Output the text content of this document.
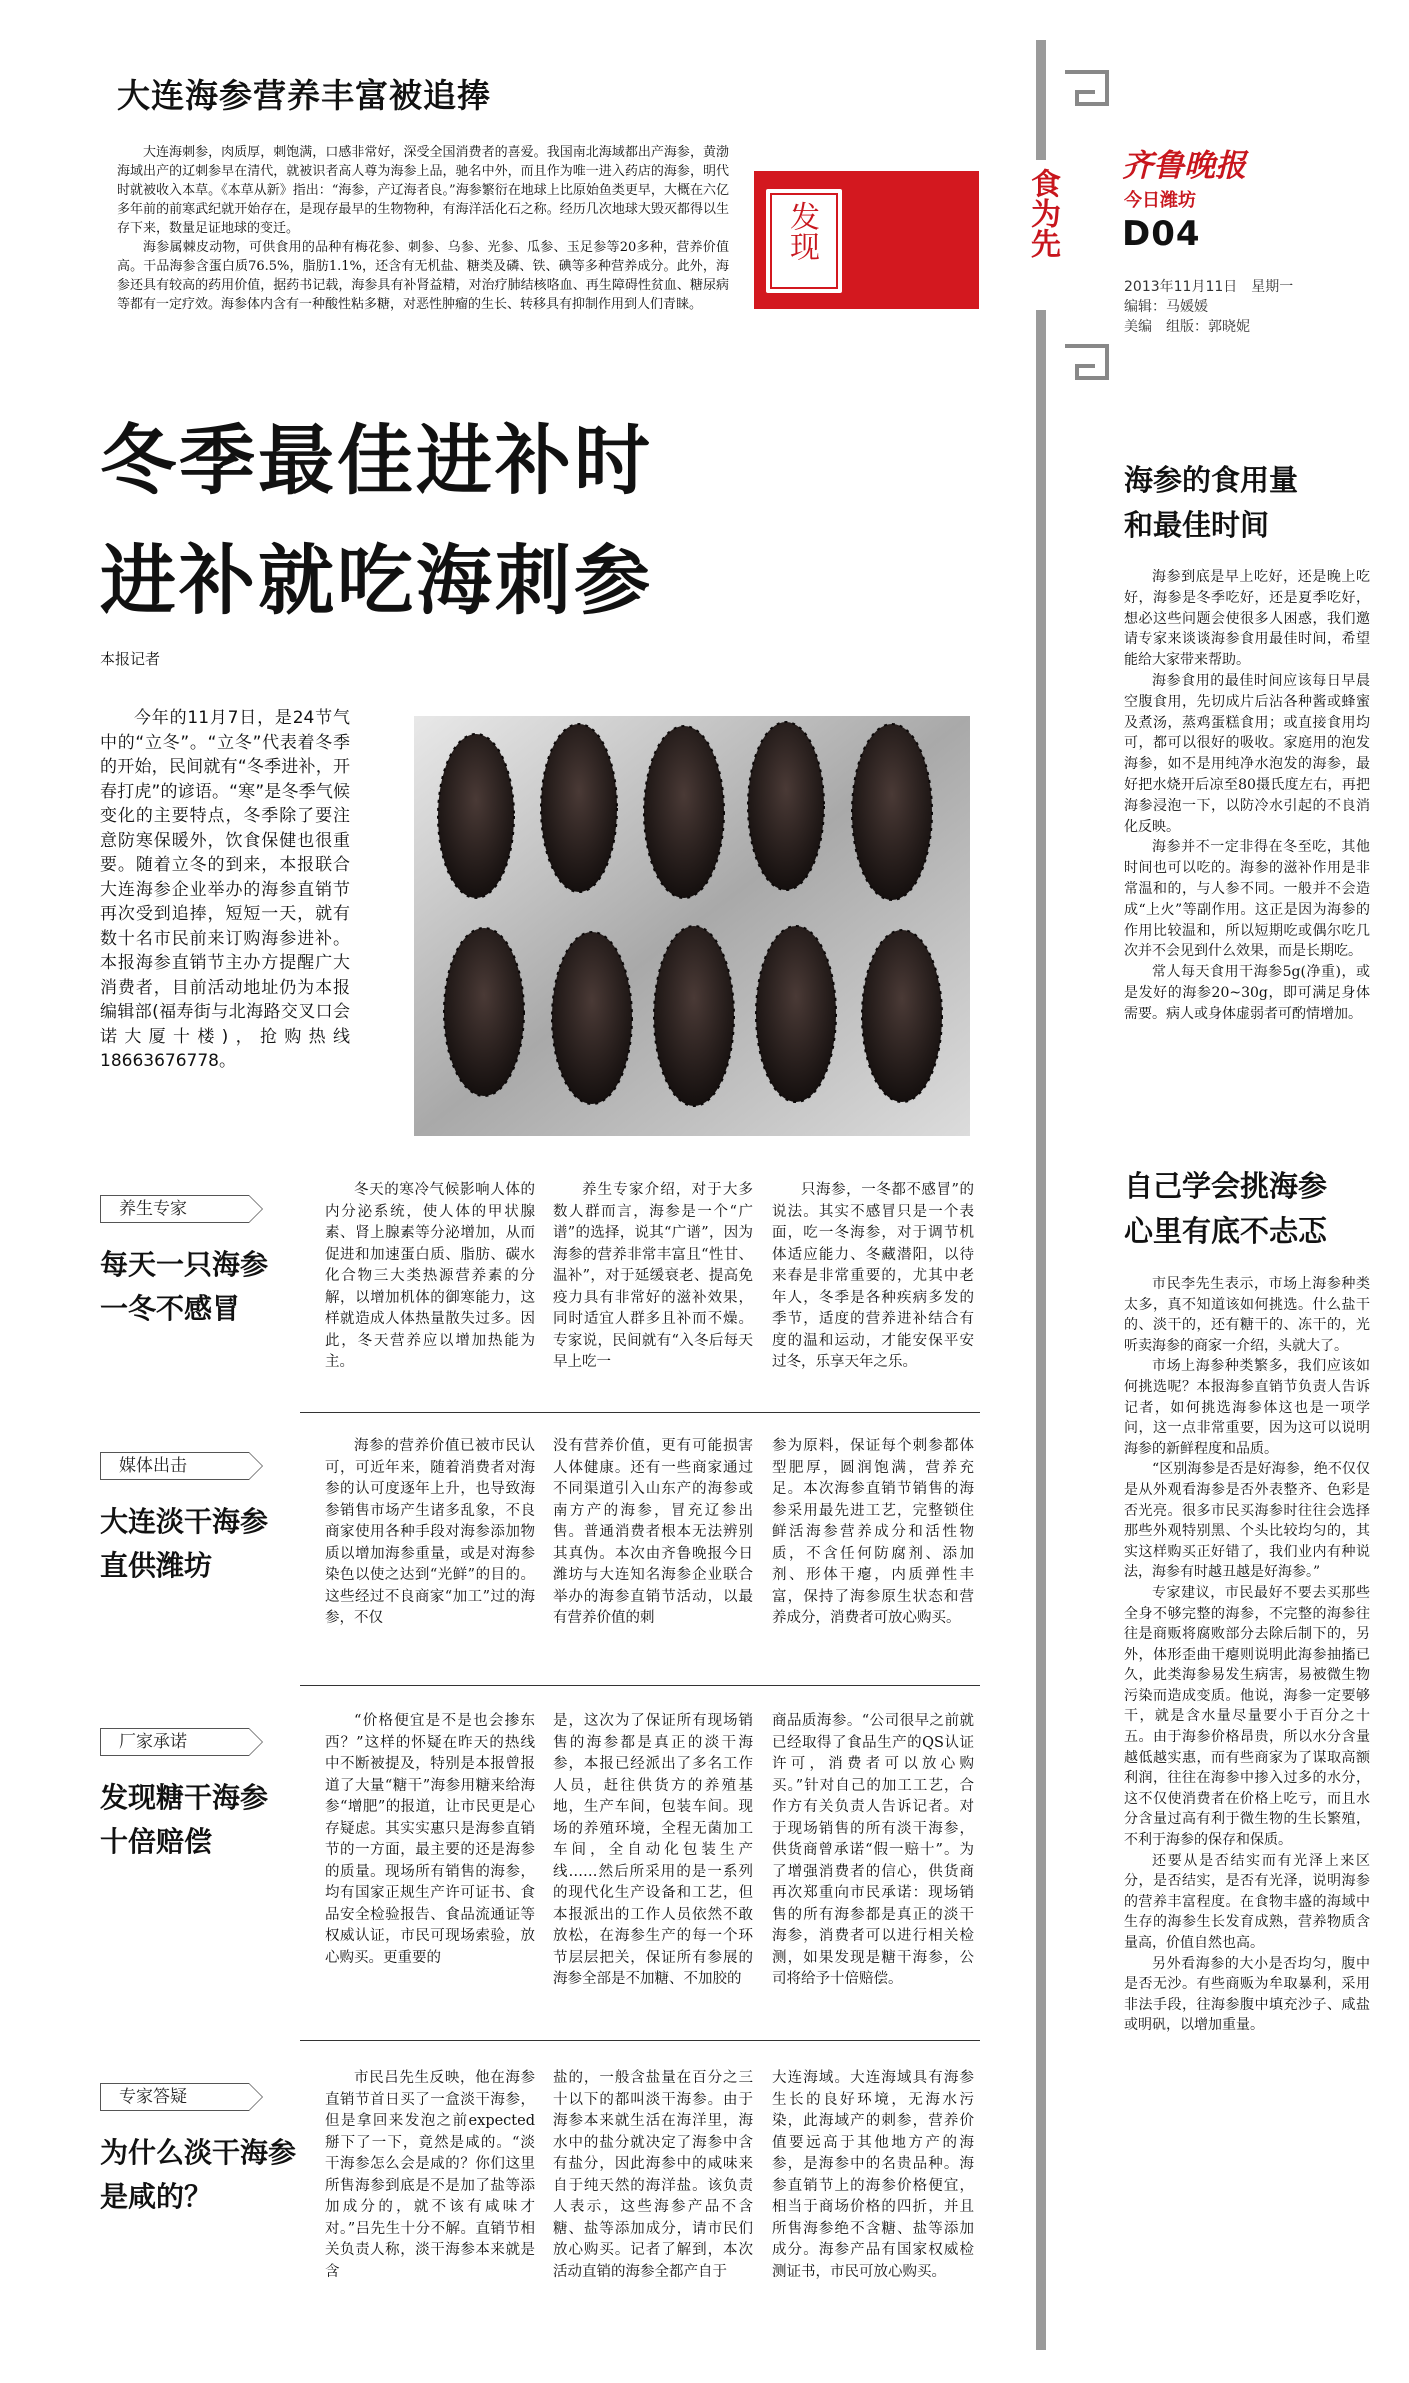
大连海参营养丰富被追捧

大连海刺参，肉质厚，刺饱满，口感非常好，深受全国消费者的喜爱。我国南北海域都出产海参，黄渤海域出产的辽刺参早在清代，就被识者高人尊为海参上品，驰名中外，而且作为唯一进入药店的海参，明代时就被收入本草。《本草从新》指出：“海参，产辽海者良。”海参繁衍在地球上比原始鱼类更早，大概在六亿多年前的前寒武纪就开始存在，是现存最早的生物物种，有海洋活化石之称。经历几次地球大毁灭都得以生存下来，数量足证地球的变迁。

海参属棘皮动物，可供食用的品种有梅花参、刺参、乌参、光参、瓜参、玉足参等20多种，营养价值高。干品海参含蛋白质76.5%，脂肪1.1%，还含有无机盐、糖类及磷、铁、碘等多种营养成分。此外，海参还具有较高的药用价值，据药书记载，海参具有补肾益精，对治疗肺结核咯血、再生障碍性贫血、糖尿病等都有一定疗效。海参体内含有一种酸性粘多糖，对恶性肿瘤的生长、转移具有抑制作用到人们青睐。

发现	食为先
齐鲁晚报
今日潍坊
D04
2013年11月11日　星期一
编辑：马媛媛
美编　组版：郭晓妮
冬季最佳进补时
进补就吃海刺参
本报记者

今年的11月7日，是24节气中的“立冬”。“立冬”代表着冬季的开始，民间就有“冬季进补，开春打虎”的谚语。“寒”是冬季气候变化的主要特点，冬季除了要注意防寒保暖外，饮食保健也很重要。随着立冬的到来，本报联合大连海参企业举办的海参直销节再次受到追捧，短短一天，就有数十名市民前来订购海参进补。本报海参直销节主办方提醒广大消费者，目前活动地址仍为本报编辑部(福寿街与北海路交叉口会诺大厦十楼)，抢购热线18663676778。

海参的食用量
和最佳时间

海参到底是早上吃好，还是晚上吃好，海参是冬季吃好，还是夏季吃好，想必这些问题会使很多人困惑，我们邀请专家来谈谈海参食用最佳时间，希望能给大家带来帮助。

海参食用的最佳时间应该每日早晨空腹食用，先切成片后沾各种酱或蜂蜜及煮汤，蒸鸡蛋糕食用；或直接食用均可，都可以很好的吸收。家庭用的泡发海参，如不是用纯净水泡发的海参，最好把水烧开后凉至80摄氏度左右，再把海参浸泡一下，以防冷水引起的不良消化反映。

海参并不一定非得在冬至吃，其他时间也可以吃的。海参的滋补作用是非常温和的，与人参不同。一般并不会造成“上火”等副作用。这正是因为海参的作用比较温和，所以短期吃或偶尔吃几次并不会见到什么效果，而是长期吃。

常人每天食用干海参5g(净重)，或是发好的海参20~30g，即可满足身体需要。病人或身体虚弱者可酌情增加。

自己学会挑海参
心里有底不忐忑

市民李先生表示，市场上海参种类太多，真不知道该如何挑选。什么盐干的、淡干的，还有糖干的、冻干的，光听卖海参的商家一介绍，头就大了。

市场上海参种类繁多，我们应该如何挑选呢？本报海参直销节负责人告诉记者，如何挑选海参体这也是一项学问，这一点非常重要，因为这可以说明海参的新鲜程度和品质。

“区别海参是否是好海参，绝不仅仅是从外观看海参是否外表整齐、色彩是否光亮。很多市民买海参时往往会选择那些外观特别黑、个头比较均匀的，其实这样购买正好错了，我们业内有种说法，海参有时越丑越是好海参。”

专家建议，市民最好不要去买那些全身不够完整的海参，不完整的海参往往是商贩将腐败部分去除后制下的，另外，体形歪曲干瘪则说明此海参抽搐已久，此类海参易发生病害，易被微生物污染而造成变质。他说，海参一定要够干，就是含水量尽量要小于百分之十五。由于海参价格昂贵，所以水分含量越低越实惠，而有些商家为了谋取高额利润，往往在海参中掺入过多的水分，这不仅使消费者在价格上吃亏，而且水分含量过高有利于微生物的生长繁殖，不利于海参的保存和保质。

还要从是否结实而有光泽上来区分，是否结实，是否有光泽，说明海参的营养丰富程度。在食物丰盛的海域中生存的海参生长发育成熟，营养物质含量高，价值自然也高。

另外看海参的大小是否均匀，腹中是否无沙。有些商贩为牟取暴利，采用非法手段，往海参腹中填充沙子、咸盐或明矾，以增加重量。

养生专家
每天一只海参
一冬不感冒
冬天的寒冷气候影响人体的内分泌系统，使人体的甲状腺素、肾上腺素等分泌增加，从而促进和加速蛋白质、脂肪、碳水化合物三大类热源营养素的分解，以增加机体的御寒能力，这样就造成人体热量散失过多。因此，冬天营养应以增加热能为主。
养生专家介绍，对于大多数人群而言，海参是一个“广谱”的选择，说其“广谱”，因为海参的营养非常丰富且“性甘、温补”，对于延缓衰老、提高免疫力具有非常好的滋补效果，同时适宜人群多且补而不燥。专家说，民间就有“入冬后每天早上吃一
只海参，一冬都不感冒”的说法。其实不感冒只是一个表面，吃一冬海参，对于调节机体适应能力、冬藏潜阳，以待来春是非常重要的，尤其中老年人，冬季是各种疾病多发的季节，适度的营养进补结合有度的温和运动，才能安保平安过冬，乐享天年之乐。
媒体出击
大连淡干海参
直供潍坊
海参的营养价值已被市民认可，可近年来，随着消费者对海参的认可度逐年上升，也导致海参销售市场产生诸多乱象，不良商家使用各种手段对海参添加物质以增加海参重量，或是对海参染色以使之达到“光鲜”的目的。这些经过不良商家“加工”过的海参，不仅
没有营养价值，更有可能损害人体健康。还有一些商家通过不同渠道引入山东产的海参或南方产的海参，冒充辽参出售。普通消费者根本无法辨别其真伪。本次由齐鲁晚报今日潍坊与大连知名海参企业联合举办的海参直销节活动，以最有营养价值的刺
参为原料，保证每个刺参都体型肥厚，圆润饱满，营养充足。本次海参直销节销售的海参采用最先进工艺，完整锁住鲜活海参营养成分和活性物质，不含任何防腐剂、添加剂、形体干瘪，内质弹性丰富，保持了海参原生状态和营养成分，消费者可放心购买。
厂家承诺
发现糖干海参
十倍赔偿
“价格便宜是不是也会掺东西？”这样的怀疑在昨天的热线中不断被提及，特别是本报曾报道了大量“糖干”海参用糖来给海参“增肥”的报道，让市民更是心存疑虑。其实实惠只是海参直销节的一方面，最主要的还是海参的质量。现场所有销售的海参，均有国家正规生产许可证书、食品安全检验报告、食品流通证等权威认证，市民可现场索验，放心购买。更重要的
是，这次为了保证所有现场销售的海参都是真正的淡干海参，本报已经派出了多名工作人员，赶往供货方的养殖基地，生产车间，包装车间。现场的养殖环境，全程无菌加工车间，全自动化包装生产线……然后所采用的是一系列的现代化生产设备和工艺，但本报派出的工作人员依然不敢放松，在海参生产的每一个环节层层把关，保证所有参展的海参全部是不加糖、不加胶的
商品质海参。“公司很早之前就已经取得了食品生产的QS认证许可，消费者可以放心购买。”针对自己的加工工艺，合作方有关负责人告诉记者。对于现场销售的所有淡干海参，供货商曾承诺“假一赔十”。为了增强消费者的信心，供货商再次郑重向市民承诺：现场销售的所有海参都是真正的淡干海参，消费者可以进行相关检测，如果发现是糖干海参，公司将给予十倍赔偿。
专家答疑
为什么淡干海参
是咸的？
市民吕先生反映，他在海参直销节首日买了一盒淡干海参，但是拿回来发泡之前expected掰下了一下，竟然是咸的。“淡干海参怎么会是咸的？你们这里所售海参到底是不是加了盐等添加成分的，就不该有咸味才对。”吕先生十分不解。直销节相关负责人称，淡干海参本来就是含
盐的，一般含盐量在百分之三十以下的都叫淡干海参。由于海参本来就生活在海洋里，海水中的盐分就决定了海参中含有盐分，因此海参中的咸味来自于纯天然的海洋盐。该负责人表示，这些海参产品不含糖、盐等添加成分，请市民们放心购买。记者了解到，本次活动直销的海参全都产自于
大连海域。大连海域具有海参生长的良好环境，无海水污染，此海域产的刺参，营养价值要远高于其他地方产的海参，是海参中的名贵品种。海参直销节上的海参价格便宜，相当于商场价格的四折，并且所售海参绝不含糖、盐等添加成分。海参产品有国家权威检测证书，市民可放心购买。
